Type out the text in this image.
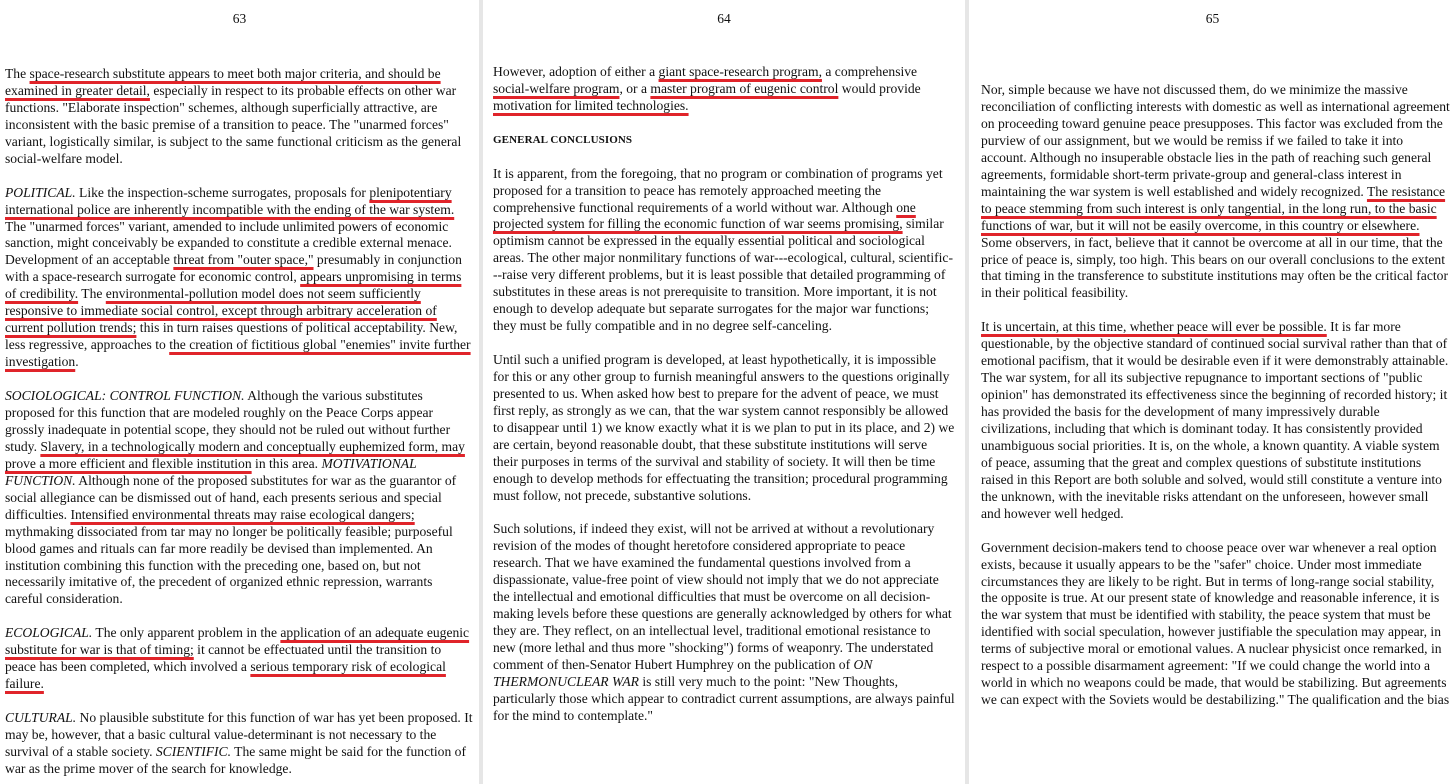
63

The space-research substitute appears to meet both major criteria, and should be examined in greater detail, especially in respect to its probable effects on other war functions. "Elaborate inspection" schemes, although superficially attractive, are inconsistent with the basic premise of a transition to peace. The "unarmed forces" variant, logistically similar, is subject to the same functional criticism as the general social-welfare model.

POLITICAL. Like the inspection-scheme surrogates, proposals for plenipotentiary international police are inherently incompatible with the ending of the war system. The "unarmed forces" variant, amended to include unlimited powers of economic sanction, might conceivably be expanded to constitute a credible external menace. Development of an acceptable threat from "outer space," presumably in conjunction with a space-research surrogate for economic control, appears unpromising in terms of credibility. The environmental-pollution model does not seem sufficiently responsive to immediate social control, except through arbitrary acceleration of current pollution trends; this in turn raises questions of political acceptability. New, less regressive, approaches to the creation of fictitious global "enemies" invite further investigation.

SOCIOLOGICAL: CONTROL FUNCTION. Although the various substitutes proposed for this function that are modeled roughly on the Peace Corps appear grossly inadequate in potential scope, they should not be ruled out without further study. Slavery, in a technologically modern and conceptually euphemized form, may prove a more efficient and flexible institution in this area. MOTIVATIONAL FUNCTION. Although none of the proposed substitutes for war as the guarantor of social allegiance can be dismissed out of hand, each presents serious and special difficulties. Intensified environmental threats may raise ecological dangers; mythmaking dissociated from tar may no longer be politically feasible; purposeful blood games and rituals can far more readily be devised than implemented. An institution combining this function with the preceding one, based on, but not necessarily imitative of, the precedent of organized ethnic repression, warrants careful consideration.

ECOLOGICAL. The only apparent problem in the application of an adequate eugenic substitute for war is that of timing; it cannot be effectuated until the transition to peace has been completed, which involved a serious temporary risk of ecological failure.

CULTURAL. No plausible substitute for this function of war has yet been proposed. It may be, however, that a basic cultural value-determinant is not necessary to the survival of a stable society. SCIENTIFIC. The same might be said for the function of war as the prime mover of the search for knowledge.

64

However, adoption of either a giant space-research program, a comprehensive social-welfare program, or a master program of eugenic control would provide motivation for limited technologies.

GENERAL CONCLUSIONS

It is apparent, from the foregoing, that no program or combination of programs yet proposed for a transition to peace has remotely approached meeting the comprehensive functional requirements of a world without war. Although one projected system for filling the economic function of war seems promising, similar optimism cannot be expressed in the equally essential political and sociological areas. The other major nonmilitary functions of war---ecological, cultural, scientific---raise very different problems, but it is least possible that detailed programming of substitutes in these areas is not prerequisite to transition. More important, it is not enough to develop adequate but separate surrogates for the major war functions; they must be fully compatible and in no degree self-canceling.

Until such a unified program is developed, at least hypothetically, it is impossible for this or any other group to furnish meaningful answers to the questions originally presented to us. When asked how best to prepare for the advent of peace, we must first reply, as strongly as we can, that the war system cannot responsibly be allowed to disappear until 1) we know exactly what it is we plan to put in its place, and 2) we are certain, beyond reasonable doubt, that these substitute institutions will serve their purposes in terms of the survival and stability of society. It will then be time enough to develop methods for effectuating the transition; procedural programming must follow, not precede, substantive solutions.

Such solutions, if indeed they exist, will not be arrived at without a revolutionary revision of the modes of thought heretofore considered appropriate to peace research. That we have examined the fundamental questions involved from a dispassionate, value-free point of view should not imply that we do not appreciate the intellectual and emotional difficulties that must be overcome on all decision-making levels before these questions are generally acknowledged by others for what they are. They reflect, on an intellectual level, traditional emotional resistance to new (more lethal and thus more "shocking") forms of weaponry. The understated comment of then-Senator Hubert Humphrey on the publication of ON THERMONUCLEAR WAR is still very much to the point: "New Thoughts, particularly those which appear to contradict current assumptions, are always painful for the mind to contemplate."

65

Nor, simple because we have not discussed them, do we minimize the massive reconciliation of conflicting interests with domestic as well as international agreement on proceeding toward genuine peace presupposes. This factor was excluded from the purview of our assignment, but we would be remiss if we failed to take it into account. Although no insuperable obstacle lies in the path of reaching such general agreements, formidable short-term private-group and general-class interest in maintaining the war system is well established and widely recognized. The resistance to peace stemming from such interest is only tangential, in the long run, to the basic functions of war, but it will not be easily overcome, in this country or elsewhere. Some observers, in fact, believe that it cannot be overcome at all in our time, that the price of peace is, simply, too high. This bears on our overall conclusions to the extent that timing in the transference to substitute institutions may often be the critical factor in their political feasibility.

It is uncertain, at this time, whether peace will ever be possible. It is far more questionable, by the objective standard of continued social survival rather than that of emotional pacifism, that it would be desirable even if it were demonstrably attainable. The war system, for all its subjective repugnance to important sections of "public opinion" has demonstrated its effectiveness since the beginning of recorded history; it has provided the basis for the development of many impressively durable civilizations, including that which is dominant today. It has consistently provided unambiguous social priorities. It is, on the whole, a known quantity. A viable system of peace, assuming that the great and complex questions of substitute institutions raised in this Report are both soluble and solved, would still constitute a venture into the unknown, with the inevitable risks attendant on the unforeseen, however small and however well hedged.

Government decision-makers tend to choose peace over war whenever a real option exists, because it usually appears to be the "safer" choice. Under most immediate circumstances they are likely to be right. But in terms of long-range social stability, the opposite is true. At our present state of knowledge and reasonable inference, it is the war system that must be identified with stability, the peace system that must be identified with social speculation, however justifiable the speculation may appear, in terms of subjective moral or emotional values. A nuclear physicist once remarked, in respect to a possible disarmament agreement: "If we could change the world into a world in which no weapons could be made, that would be stabilizing. But agreements we can expect with the Soviets would be destabilizing." The qualification and the bias
